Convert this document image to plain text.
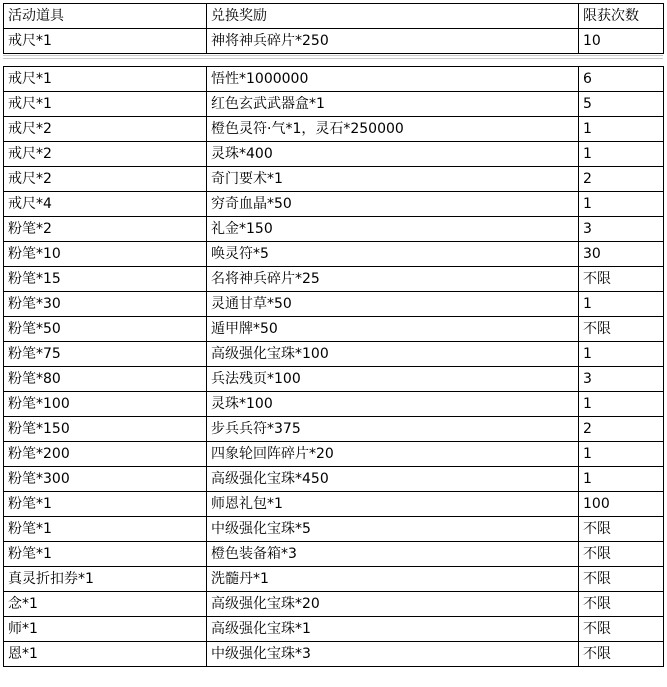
活动道具	兑换奖励	限获次数
戒尺*1	神将神兵碎片*250	10
戒尺*1	悟性*1000000	6
戒尺*1	红色玄武武器盒*1	5
戒尺*2	橙色灵符·气*1，灵石*250000	1
戒尺*2	灵珠*400	1
戒尺*2	奇门要术*1	2
戒尺*4	穷奇血晶*50	1
粉笔*2	礼金*150	3
粉笔*10	唤灵符*5	30
粉笔*15	名将神兵碎片*25	不限
粉笔*30	灵通甘草*50	1
粉笔*50	遁甲牌*50	不限
粉笔*75	高级强化宝珠*100	1
粉笔*80	兵法残页*100	3
粉笔*100	灵珠*100	1
粉笔*150	步兵兵符*375	2
粉笔*200	四象轮回阵碎片*20	1
粉笔*300	高级强化宝珠*450	1
粉笔*1	师恩礼包*1	100
粉笔*1	中级强化宝珠*5	不限
粉笔*1	橙色装备箱*3	不限
真灵折扣券*1	洗髓丹*1	不限
念*1	高级强化宝珠*20	不限
师*1	高级强化宝珠*1	不限
恩*1	中级强化宝珠*3	不限
